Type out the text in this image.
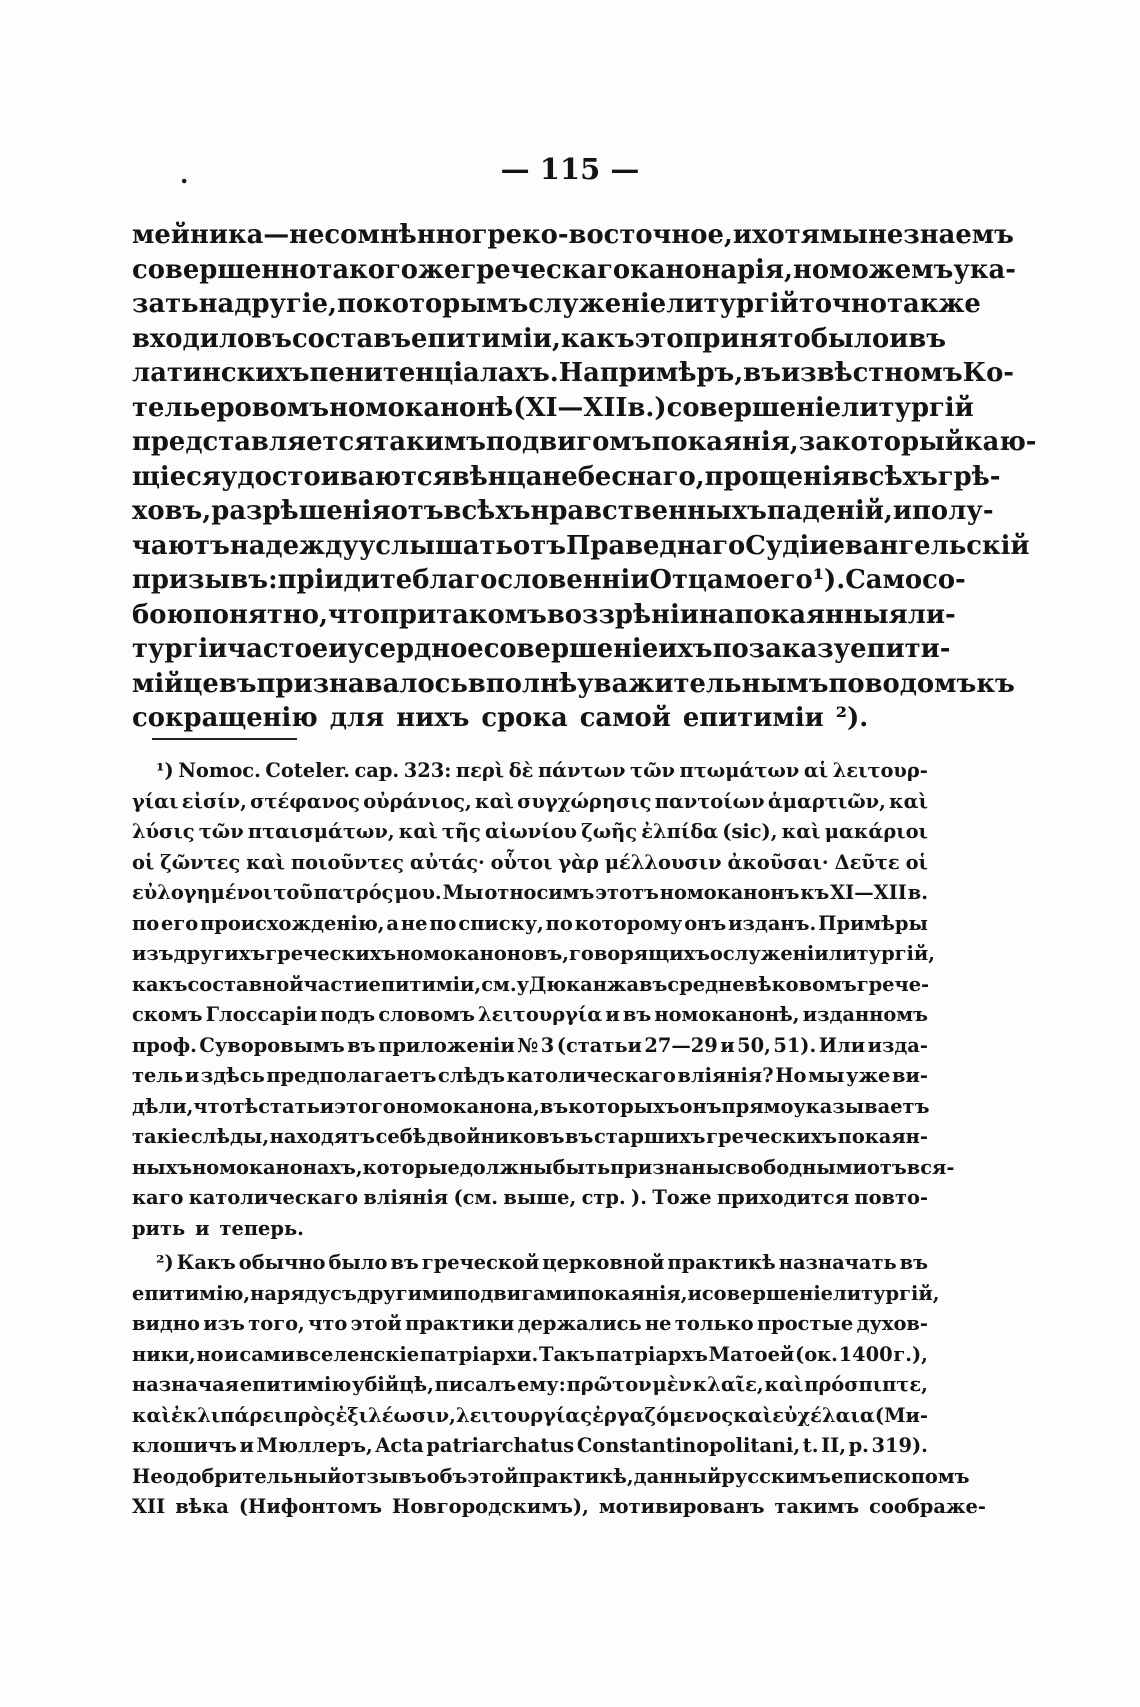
.	— 115 —
мейника—несомнѣнно греко-восточное, и хотя мы не знаемъ
совершенно такого же греческаго канонарія, но можемъ ука-
зать на другіе, по которымъ служеніе литургій точно также
входило въ составъ епитиміи, какъ это принято было и въ
латинскихъ пенитенціалахъ. Напримѣръ, въ извѣстномъ Ко-
тельеровомъ номоканонѣ (XI—XII в.) совершеніе литургій
представляется такимъ подвигомъ покаянія, за который каю-
щіеся удостоиваются вѣнца небеснаго, прощенія всѣхъ грѣ-
ховъ, разрѣшенія отъ всѣхъ нравственныхъ паденій, и полу-
чаютъ надежду услышать отъ Праведнаго Судіи евангельскій
призывъ: пріидите благословенніи Отца моего ¹). Само со-
бою понятно, что при такомъ воззрѣніи на покаянныя ли-
тургіи частое и усердное совершеніе ихъ по заказу епити-
мійцевъ признавалось вполнѣ уважительнымъ поводомъ къ
сокращенію для нихъ срока самой епитиміи ²).
¹) Nomoc. Coteler. cap. 323: περὶ δὲ πάντων τῶν πτωμάτων αἱ λειτουρ-
γίαι εἰσίν, στέφανος οὐράνιος, καὶ συγχώρησις παντοίων ἁμαρτιῶν, καὶ
λύσις τῶν πταισμάτων, καὶ τῆς αἰωνίου ζωῆς ἐλπίδα (sic), καὶ μακάριοι
οἱ ζῶντες καὶ ποιοῦντες αὐτάς· οὗτοι γὰρ μέλλουσιν ἀκοῦσαι· Δεῦτε οἱ
εὐλογημένοι τοῦ πατρός μου. Мы относимъ этотъ номоканонъ къ XI—XII в.
по его происхожденію, а не по списку, по которому онъ изданъ. Примѣры
изъ другихъ греческихъ номоканоновъ, говорящихъ о служеніи литургій,
какъ составной части епитиміи, см. у Дюканжа въ средневѣковомъ грече-
скомъ Глоссаріи подъ словомъ λειτουργία и въ номоканонѣ, изданномъ
проф. Суворовымъ въ приложеніи № 3 (статьи 27—29 и 50, 51). Или изда-
тель и здѣсь предполагаетъ слѣдъ католическаго вліянія? Но мы уже ви-
дѣли, что тѣ статьи этого номоканона, въ которыхъ онъ прямо указываетъ
такіе слѣды, находятъ себѣ двойниковъ въ старшихъ греческихъ покаян-
ныхъ номоканонахъ, которые должны быть признаны свободными отъ вся-
каго католическаго вліянія (см. выше, стр. ). Тоже приходится повто-
рить и теперь.
²) Какъ обычно было въ греческой церковной практикѣ назначать въ
епитимію, наряду съ другими подвигами покаянія, и совершеніе литургій,
видно изъ того, что этой практики держались не только простые духов-
ники, но и сами вселенскіе патріархи. Такъ патріархъ Матоей (ок. 1400 г.),
назначая епитимію убійцѣ, писалъ ему: πρῶτον μὲν κλαῖε, καὶ πρόσπιπτε,
καὶ ἐκλιπάρει πρὸς ἐξιλέωσιν, λειτουργίας ἐργαζόμενος καὶ εὐχέλαια (Ми-
клошичъ и Мюллеръ, Acta patriarchatus Constantinopolitani, t. II, p. 319).
Неодобрительный отзывъ объ этой практикѣ, данный русскимъ епископомъ
XII вѣка (Нифонтомъ Новгородскимъ), мотивированъ такимъ соображе-
